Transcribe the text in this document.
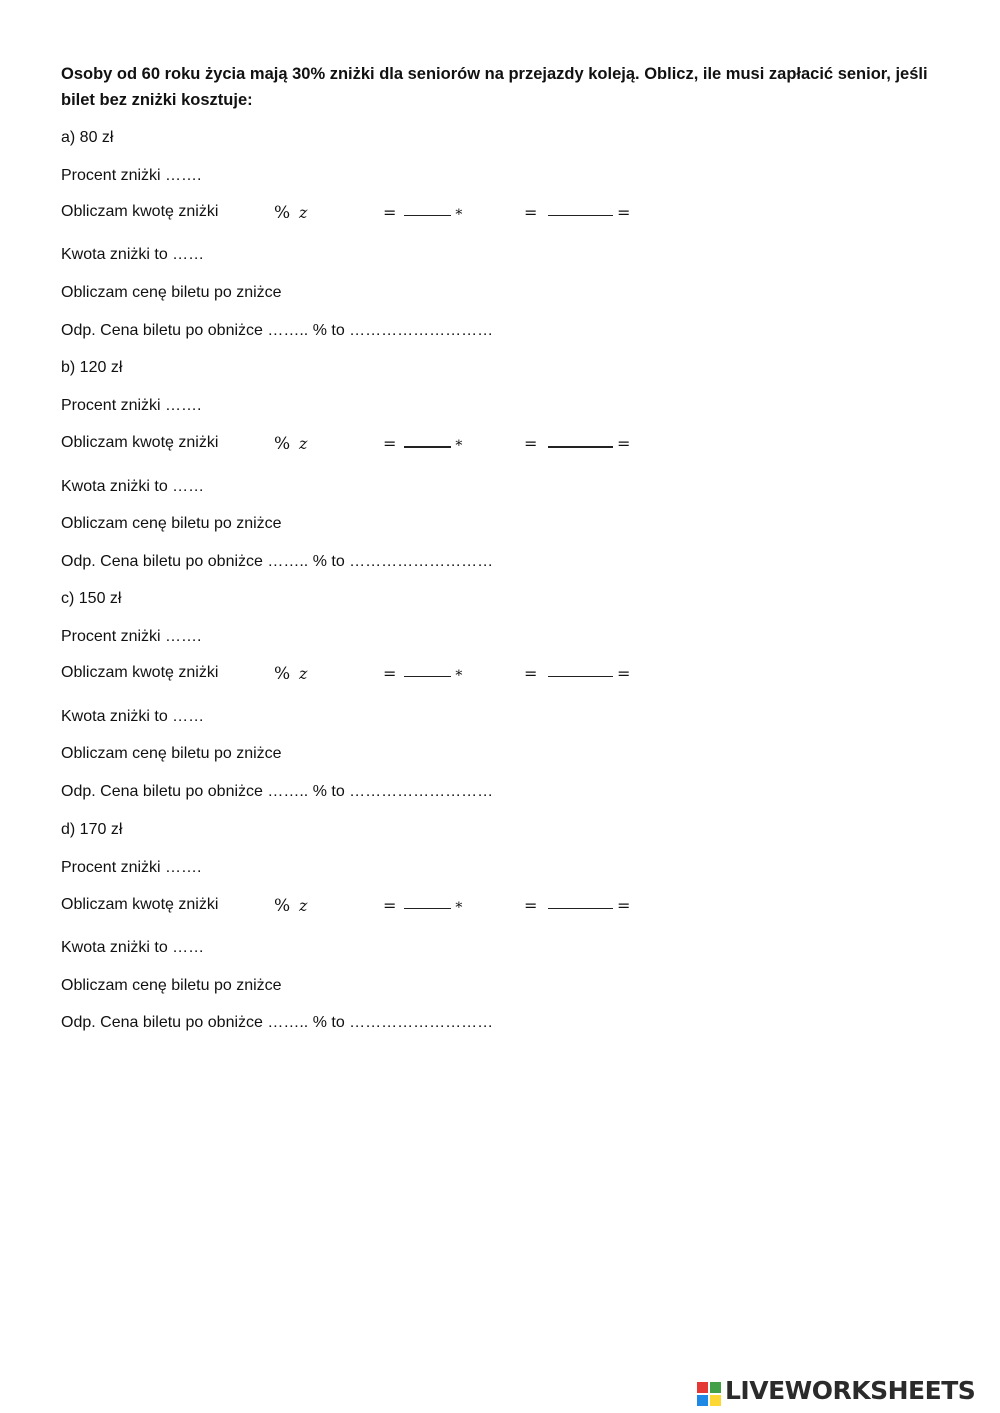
Osoby od 60 roku życia mają 30% zniżki dla seniorów na przejazdy koleją. Oblicz, ile musi zapłacić senior, jeśli bilet bez zniżki kosztuje:
a) 80 zł
Procent zniżki …….
Obliczam kwotę zniżki	% z	=	∗	=	=
Kwota zniżki to ……
Obliczam cenę biletu po zniżce
Odp. Cena biletu po obniżce …….. % to ………………………
b) 120 zł
Procent zniżki …….
Obliczam kwotę zniżki	% z	=	∗	=	=
Kwota zniżki to ……
Obliczam cenę biletu po zniżce
Odp. Cena biletu po obniżce …….. % to ………………………
c) 150 zł
Procent zniżki …….
Obliczam kwotę zniżki	% z	=	∗	=	=
Kwota zniżki to ……
Obliczam cenę biletu po zniżce
Odp. Cena biletu po obniżce …….. % to ………………………
d) 170 zł
Procent zniżki …….
Obliczam kwotę zniżki	% z	=	∗	=	=
Kwota zniżki to ……
Obliczam cenę biletu po zniżce
Odp. Cena biletu po obniżce …….. % to ………………………
LIVEWORKSHEETS
